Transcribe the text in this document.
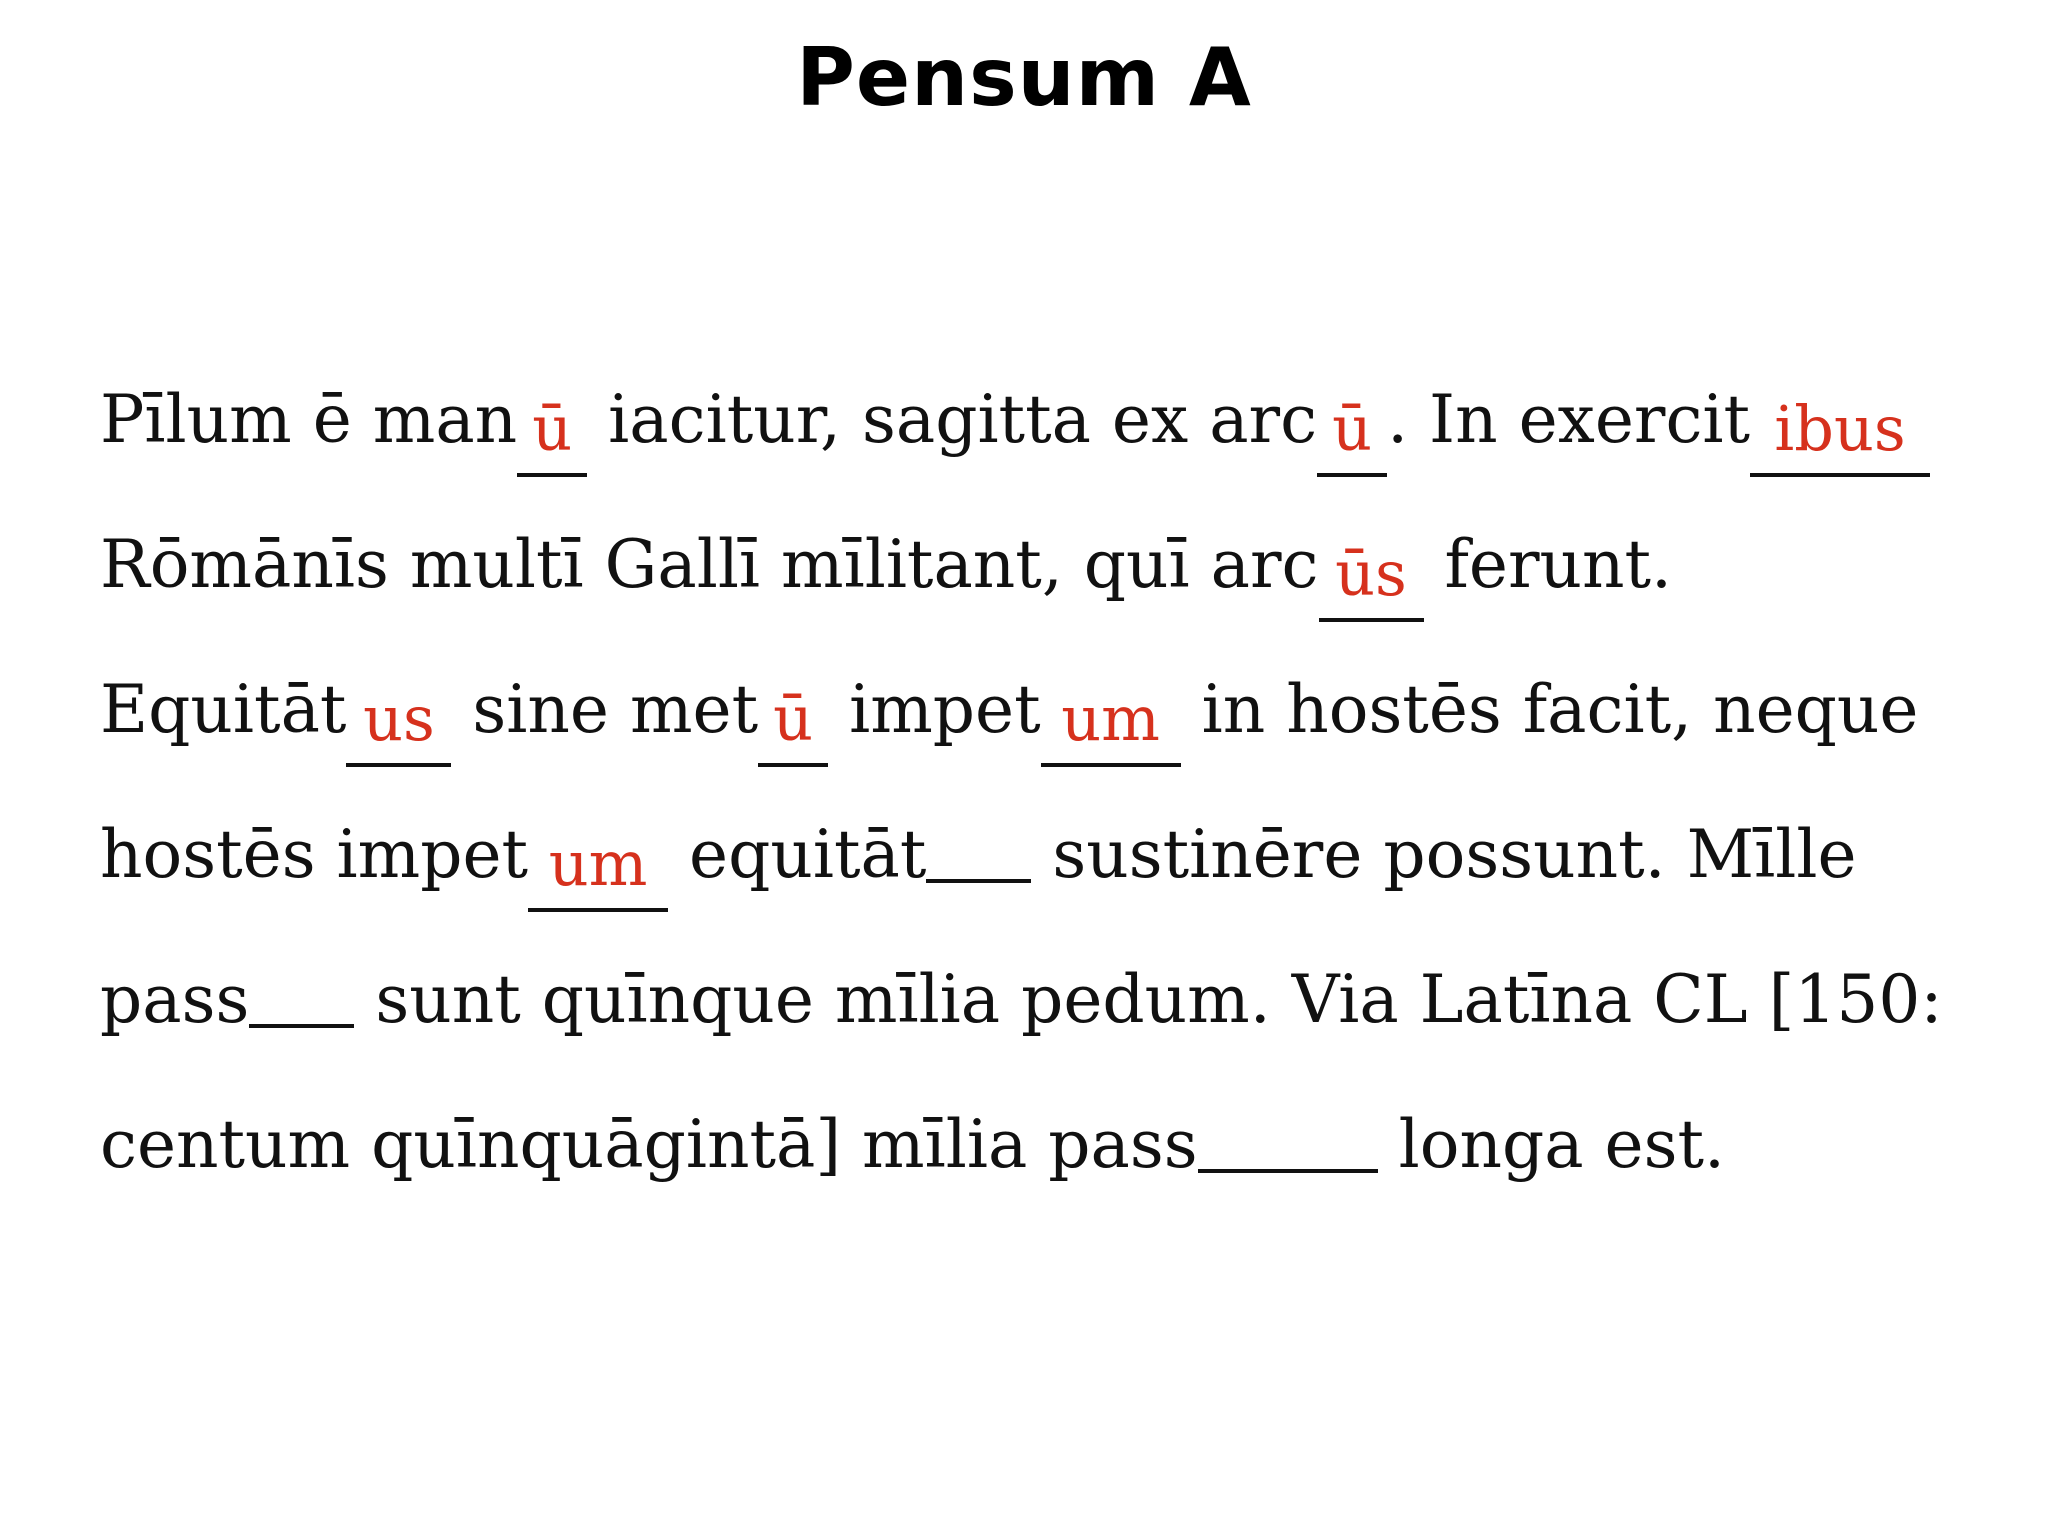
Pensum A
Pīlum ē man ū
iacitur, sagitta ex arc ū . In exercit ibus
Rōmānīs multī Gallī mīlitant, quī arc ūs
ferunt.
Equitāt us
sine met ū
impet um
in hostēs facit, neque
hostēs impet um
equitāt
sustinēre possunt. Mīlle
pass
sunt quīnque mīlia pedum. Via Latīna CL [150:
centum quīnquāgintā] mīlia pass	longa est.
